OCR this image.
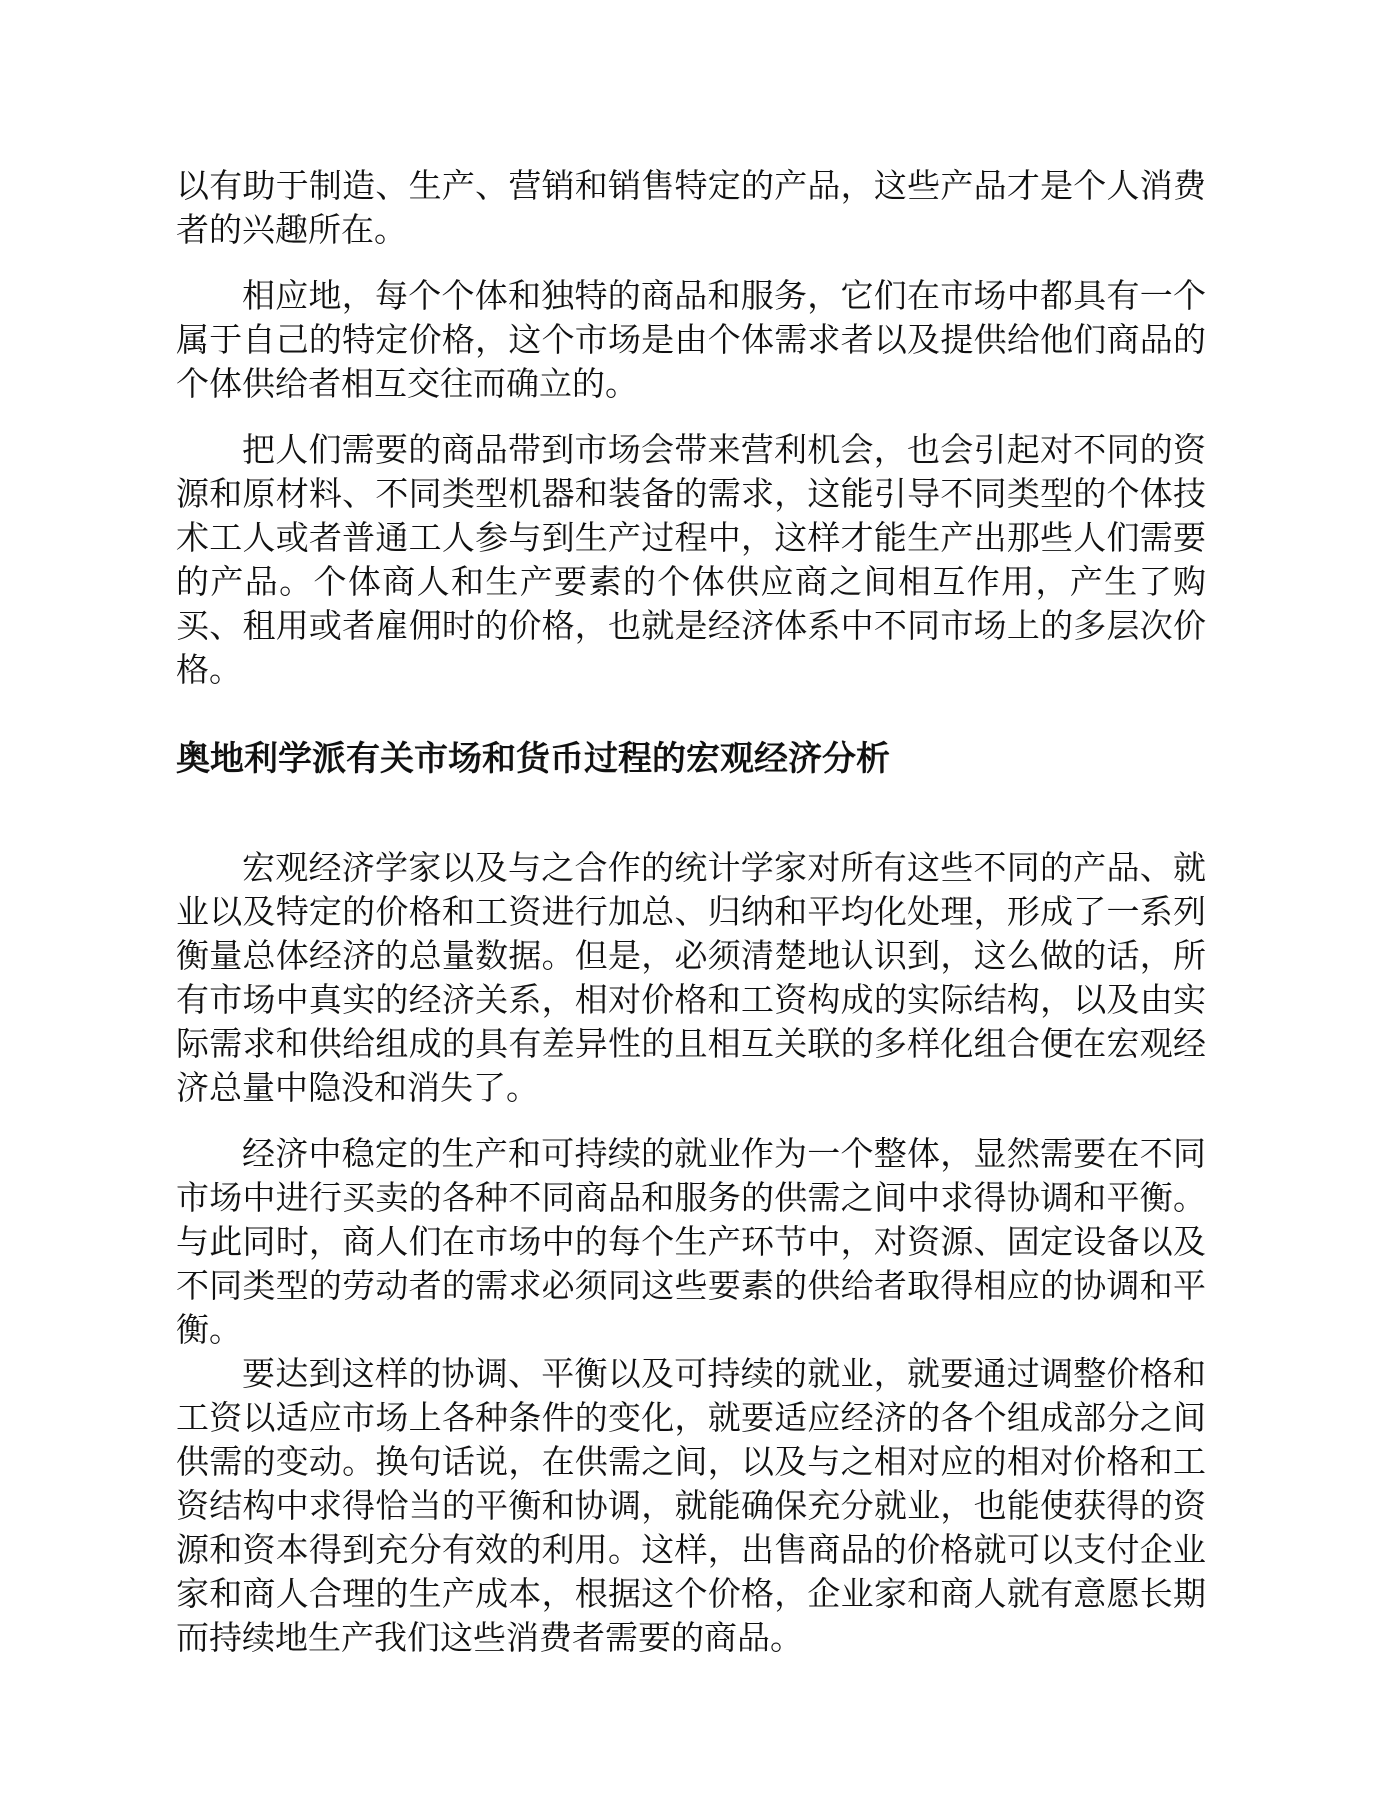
以有助于制造、生产、营销和销售特定的产品，这些产品才是个人消费者的兴趣所在。

相应地，每个个体和独特的商品和服务，它们在市场中都具有一个属于自己的特定价格，这个市场是由个体需求者以及提供给他们商品的个体供给者相互交往而确立的。

把人们需要的商品带到市场会带来营利机会，也会引起对不同的资源和原材料、不同类型机器和装备的需求，这能引导不同类型的个体技术工人或者普通工人参与到生产过程中，这样才能生产出那些人们需要的产品。个体商人和生产要素的个体供应商之间相互作用，产生了购买、租用或者雇佣时的价格，也就是经济体系中不同市场上的多层次价格。

奥地利学派有关市场和货币过程的宏观经济分析

宏观经济学家以及与之合作的统计学家对所有这些不同的产品、就业以及特定的价格和工资进行加总、归纳和平均化处理，形成了一系列衡量总体经济的总量数据。但是，必须清楚地认识到，这么做的话，所有市场中真实的经济关系，相对价格和工资构成的实际结构，以及由实际需求和供给组成的具有差异性的且相互关联的多样化组合便在宏观经济总量中隐没和消失了。

经济中稳定的生产和可持续的就业作为一个整体，显然需要在不同市场中进行买卖的各种不同商品和服务的供需之间中求得协调和平衡。与此同时，商人们在市场中的每个生产环节中，对资源、固定设备以及不同类型的劳动者的需求必须同这些要素的供给者取得相应的协调和平衡。

要达到这样的协调、平衡以及可持续的就业，就要通过调整价格和工资以适应市场上各种条件的变化，就要适应经济的各个组成部分之间供需的变动。换句话说，在供需之间，以及与之相对应的相对价格和工资结构中求得恰当的平衡和协调，就能确保充分就业，也能使获得的资源和资本得到充分有效的利用。这样，出售商品的价格就可以支付企业家和商人合理的生产成本，根据这个价格，企业家和商人就有意愿长期而持续地生产我们这些消费者需要的商品。
